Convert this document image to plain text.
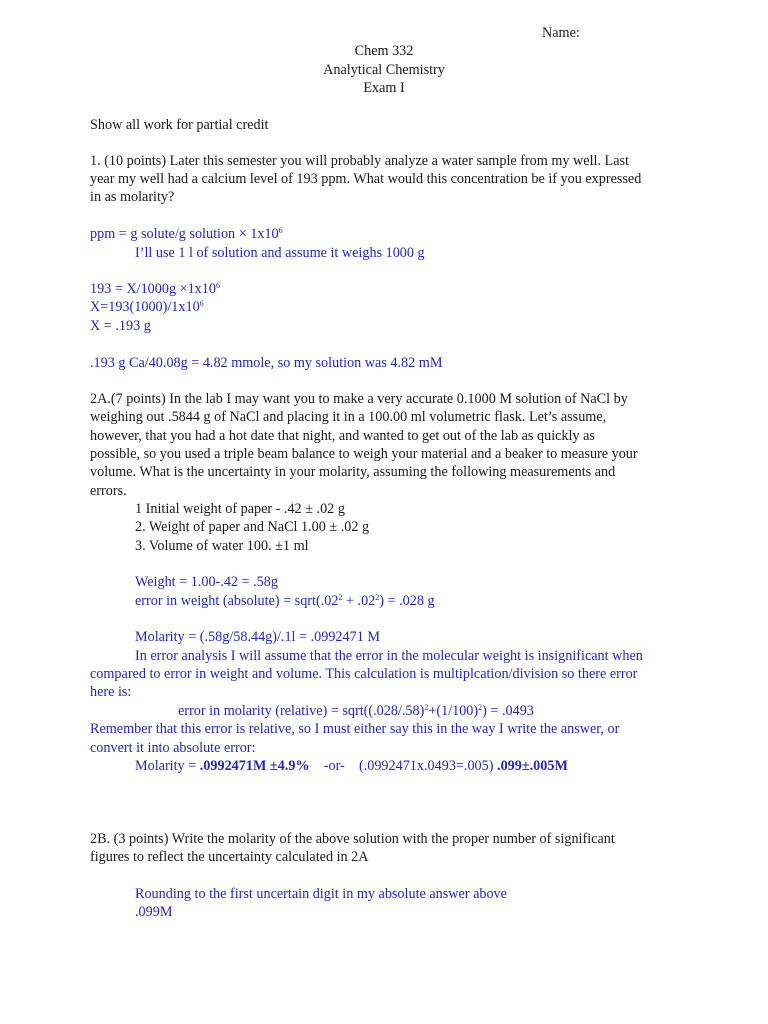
Name:
Chem 332
Analytical Chemistry
Exam I
Show all work for partial credit
1. (10 points) Later this semester you will probably analyze a water sample from my well. Last
year my well had a calcium level of 193 ppm. What would this concentration be if you expressed
in as molarity?
ppm = g solute/g solution × $1x10^6$
I’ll use 1 l of solution and assume it weighs 1000 g
$193 = X/1000g \times 1x10^6$
$X=193(1000)/1x10^6$
X = .193 g
.193 g Ca/40.08g = 4.82 mmole, so my solution was 4.82 mM
2A.(7 points) In the lab I may want you to make a very accurate 0.1000 M solution of NaCl by
weighing out .5844 g of NaCl and placing it in a 100.00 ml volumetric flask. Let’s assume,
however, that you had a hot date that night, and wanted to get out of the lab as quickly as
possible, so you used a triple beam balance to weigh your material and a beaker to measure your
volume. What is the uncertainty in your molarity, assuming the following measurements and
errors.
1 Initial weight of paper - .42 ± .02 g
2. Weight of paper and NaCl 1.00 ± .02 g
3. Volume of water 100. ±1 ml
Weight = 1.00-.42 = .58g
error in weight (absolute) = $sqrt(.02^2 + .02^2) = .028$ g
Molarity = (.58g/58.44g)/.1l = .0992471 M
In error analysis I will assume that the error in the molecular weight is insignificant when
compared to error in weight and volume. This calculation is multiplcation/division so there error
here is:
error in molarity (relative) = $sqrt((.028/.58)^2+(1/100)^2) = .0493$
Remember that this error is relative, so I must either say this in the way I write the answer, or
convert it into absolute error:
Molarity = .0992471M ±4.9%    -or-    (.0992471x.0493=.005) .099±.005M
2B. (3 points) Write the molarity of the above solution with the proper number of significant
figures to reflect the uncertainty calculated in 2A
Rounding to the first uncertain digit in my absolute answer above
.099M
